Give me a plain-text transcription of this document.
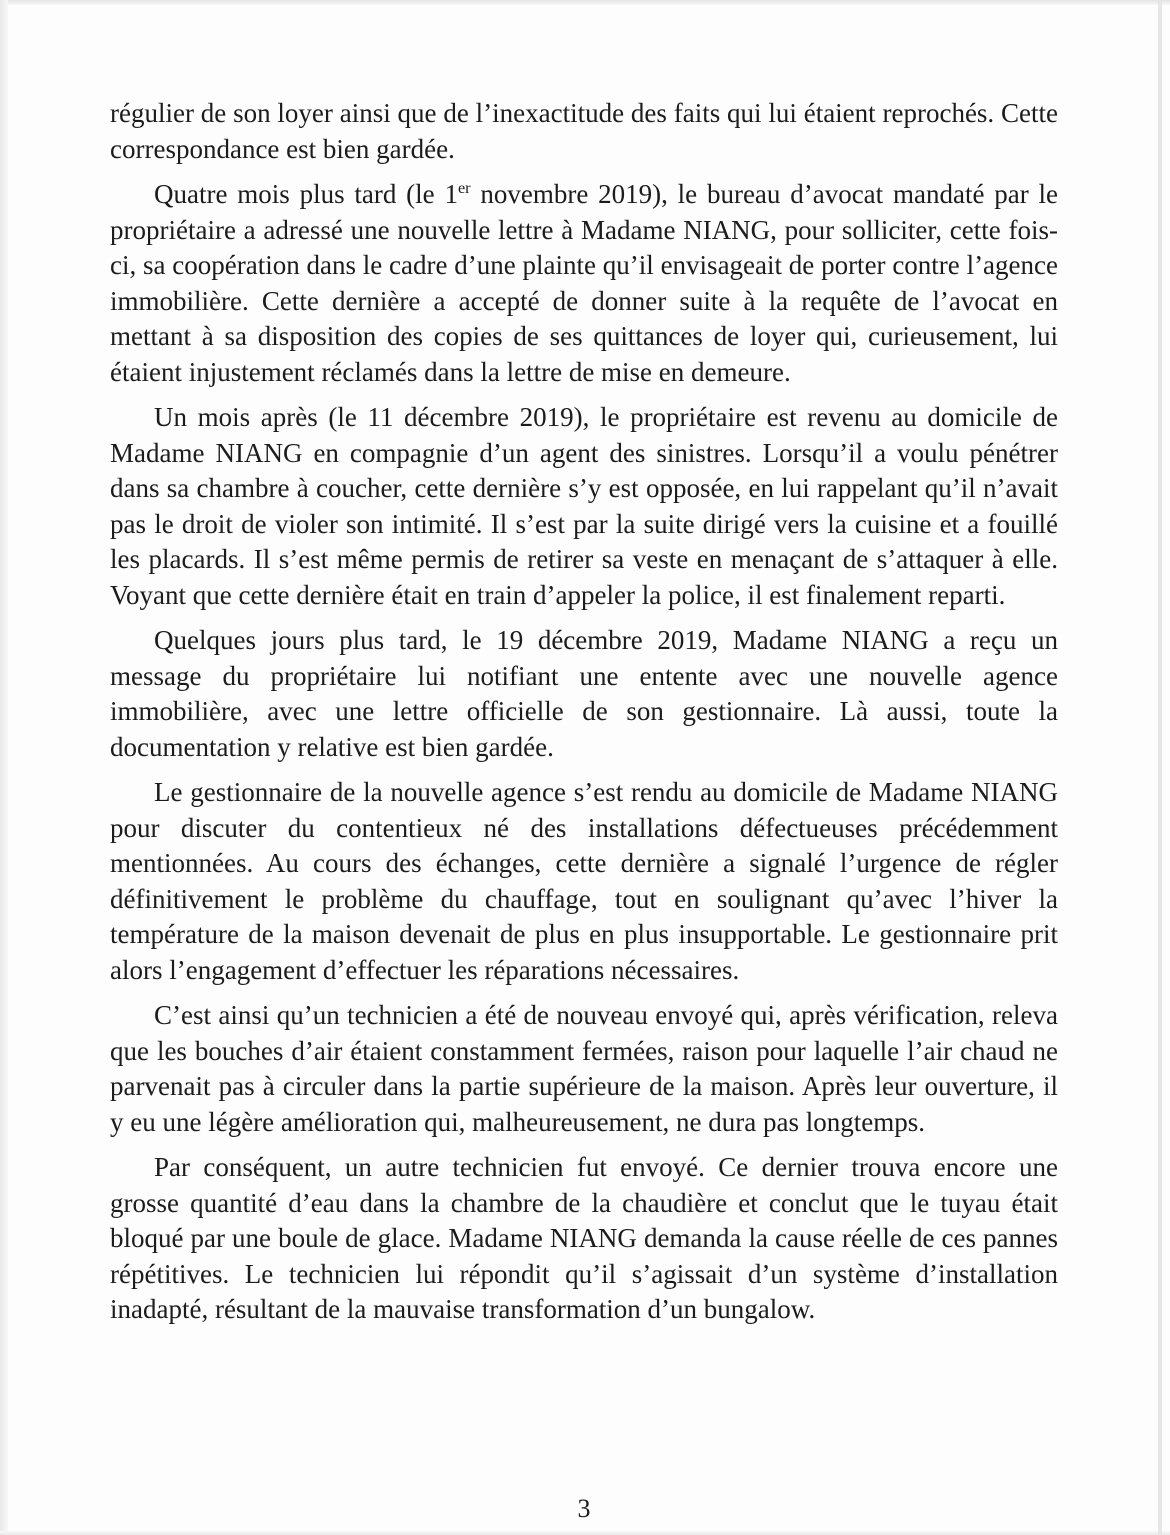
régulier de son loyer ainsi que de l’inexactitude des faits qui lui étaient reprochés. Cette correspondance est bien gardée.

Quatre mois plus tard (le 1er novembre 2019), le bureau d’avocat mandaté par le propriétaire a adressé une nouvelle lettre à Madame NIANG, pour solliciter, cette fois-ci, sa coopération dans le cadre d’une plainte qu’il envisageait de porter contre l’agence immobilière. Cette dernière a accepté de donner suite à la requête de l’avocat en mettant à sa disposition des copies de ses quittances de loyer qui, curieusement, lui étaient injustement réclamés dans la lettre de mise en demeure.

Un mois après (le 11 décembre 2019), le propriétaire est revenu au domicile de Madame NIANG en compagnie d’un agent des sinistres. Lorsqu’il a voulu pénétrer dans sa chambre à coucher, cette dernière s’y est opposée, en lui rappelant qu’il n’avait pas le droit de violer son intimité. Il s’est par la suite dirigé vers la cuisine et a fouillé les placards. Il s’est même permis de retirer sa veste en menaçant de s’attaquer à elle. Voyant que cette dernière était en train d’appeler la police, il est finalement reparti.

Quelques jours plus tard, le 19 décembre 2019, Madame NIANG a reçu un message du propriétaire lui notifiant une entente avec une nouvelle agence immobilière, avec une lettre officielle de son gestionnaire. Là aussi, toute la documentation y relative est bien gardée.

Le gestionnaire de la nouvelle agence s’est rendu au domicile de Madame NIANG pour discuter du contentieux né des installations défectueuses précédemment mentionnées. Au cours des échanges, cette dernière a signalé l’urgence de régler définitivement le problème du chauffage, tout en soulignant qu’avec l’hiver la température de la maison devenait de plus en plus insupportable. Le gestionnaire prit alors l’engagement d’effectuer les réparations nécessaires.

C’est ainsi qu’un technicien a été de nouveau envoyé qui, après vérification, releva que les bouches d’air étaient constamment fermées, raison pour laquelle l’air chaud ne parvenait pas à circuler dans la partie supérieure de la maison. Après leur ouverture, il y eu une légère amélioration qui, malheureusement, ne dura pas longtemps.

Par conséquent, un autre technicien fut envoyé. Ce dernier trouva encore une grosse quantité d’eau dans la chambre de la chaudière et conclut que le tuyau était bloqué par une boule de glace. Madame NIANG demanda la cause réelle de ces pannes répétitives. Le technicien lui répondit qu’il s’agissait d’un système d’installation inadapté, résultant de la mauvaise transformation d’un bungalow.

3
